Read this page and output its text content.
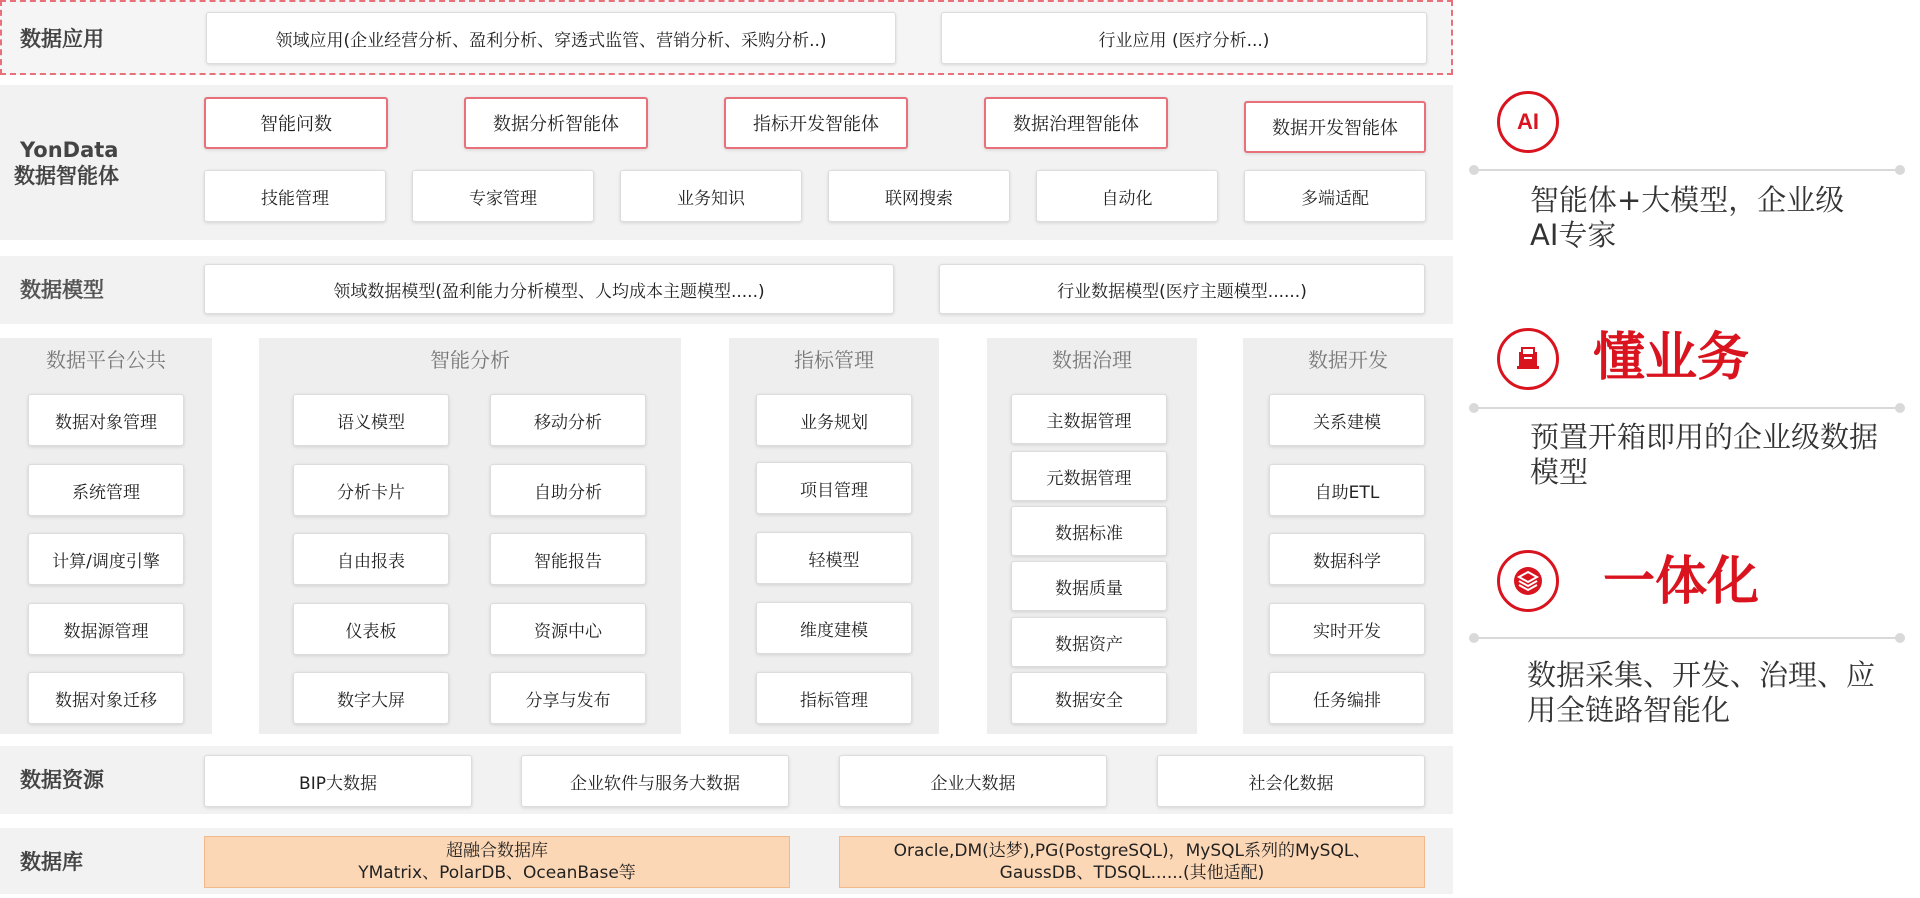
数据应用	领域应用(企业经营分析、盈利分析、穿透式监管、营销分析、采购分析..)	行业应用 (医疗分析...)
YonData
数据智能体
智能问数	数据分析智能体	指标开发智能体	数据治理智能体	数据开发智能体
技能管理	专家管理	业务知识	联网搜索	自动化	多端适配
数据模型	领域数据模型(盈利能力分析模型、人均成本主题模型.....)	行业数据模型(医疗主题模型......)
数据平台公共
数据对象管理
系统管理
计算/调度引擎
数据源管理
数据对象迁移
智能分析
语义模型
分析卡片
自由报表
仪表板
数字大屏
移动分析
自助分析
智能报告
资源中心
分享与发布
指标管理
业务规划
项目管理
轻模型
维度建模
指标管理
数据治理
主数据管理
元数据管理
数据标准
数据质量
数据资产
数据安全
数据开发
关系建模
自助ETL
数据科学
实时开发
任务编排
数据资源	BIP大数据	企业软件与服务大数据	企业大数据	社会化数据
数据库	超融合数据库
YMatrix、PolarDB、OceanBase等
Oracle,DM(达梦),PG(PostgreSQL)，MySQL系列的MySQL、
GaussDB、TDSQL......(其他适配)
AI
智能体+大模型，企业级
AI专家
懂业务
预置开箱即用的企业级数据
模型
一体化
数据采集、开发、治理、应
用全链路智能化
